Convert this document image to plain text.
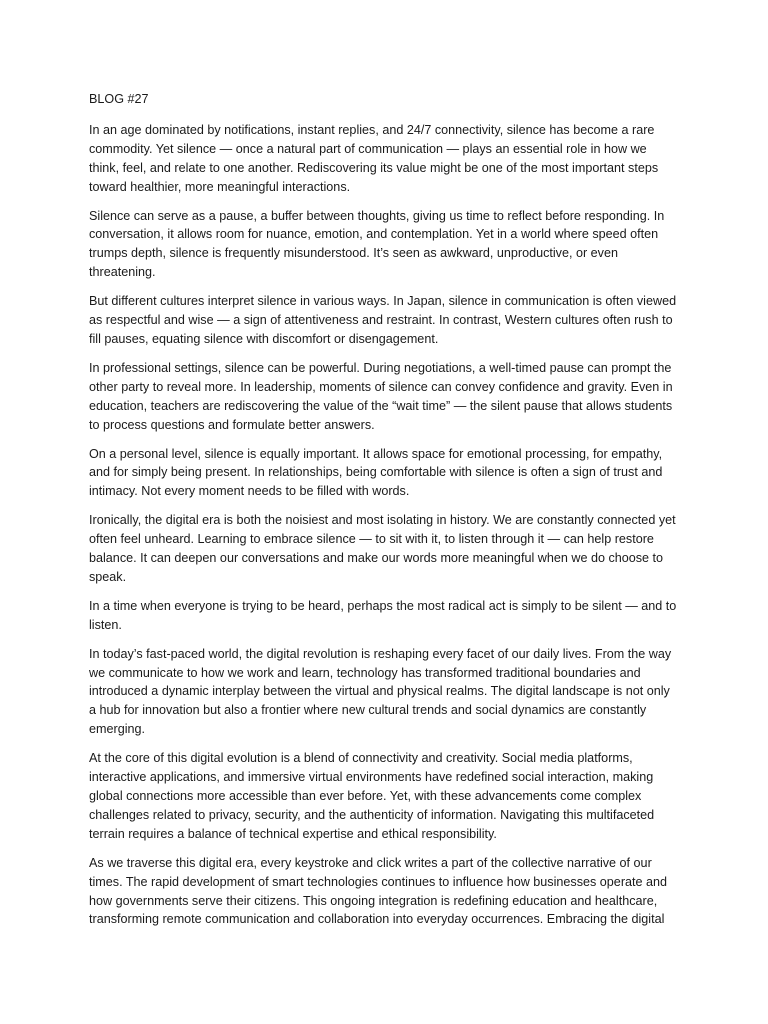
BLOG #27

In an age dominated by notifications, instant replies, and 24/7 connectivity, silence has become a rare commodity. Yet silence — once a natural part of communication — plays an essential role in how we think, feel, and relate to one another. Rediscovering its value might be one of the most important steps toward healthier, more meaningful interactions.

Silence can serve as a pause, a buffer between thoughts, giving us time to reflect before responding. In conversation, it allows room for nuance, emotion, and contemplation. Yet in a world where speed often trumps depth, silence is frequently misunderstood. It’s seen as awkward, unproductive, or even threatening.

But different cultures interpret silence in various ways. In Japan, silence in communication is often viewed as respectful and wise — a sign of attentiveness and restraint. In contrast, Western cultures often rush to fill pauses, equating silence with discomfort or disengagement.

In professional settings, silence can be powerful. During negotiations, a well-timed pause can prompt the other party to reveal more. In leadership, moments of silence can convey confidence and gravity. Even in education, teachers are rediscovering the value of the “wait time” — the silent pause that allows students to process questions and formulate better answers.

On a personal level, silence is equally important. It allows space for emotional processing, for empathy, and for simply being present. In relationships, being comfortable with silence is often a sign of trust and intimacy. Not every moment needs to be filled with words.

Ironically, the digital era is both the noisiest and most isolating in history. We are constantly connected yet often feel unheard. Learning to embrace silence — to sit with it, to listen through it — can help restore balance. It can deepen our conversations and make our words more meaningful when we do choose to speak.

In a time when everyone is trying to be heard, perhaps the most radical act is simply to be silent — and to listen.

In today’s fast-paced world, the digital revolution is reshaping every facet of our daily lives. From the way we communicate to how we work and learn, technology has transformed traditional boundaries and introduced a dynamic interplay between the virtual and physical realms. The digital landscape is not only a hub for innovation but also a frontier where new cultural trends and social dynamics are constantly emerging.

At the core of this digital evolution is a blend of connectivity and creativity. Social media platforms, interactive applications, and immersive virtual environments have redefined social interaction, making global connections more accessible than ever before. Yet, with these advancements come complex challenges related to privacy, security, and the authenticity of information. Navigating this multifaceted terrain requires a balance of technical expertise and ethical responsibility.

As we traverse this digital era, every keystroke and click writes a part of the collective narrative of our times. The rapid development of smart technologies continues to influence how businesses operate and how governments serve their citizens. This ongoing integration is redefining education and healthcare, transforming remote communication and collaboration into everyday occurrences. Embracing the digital
